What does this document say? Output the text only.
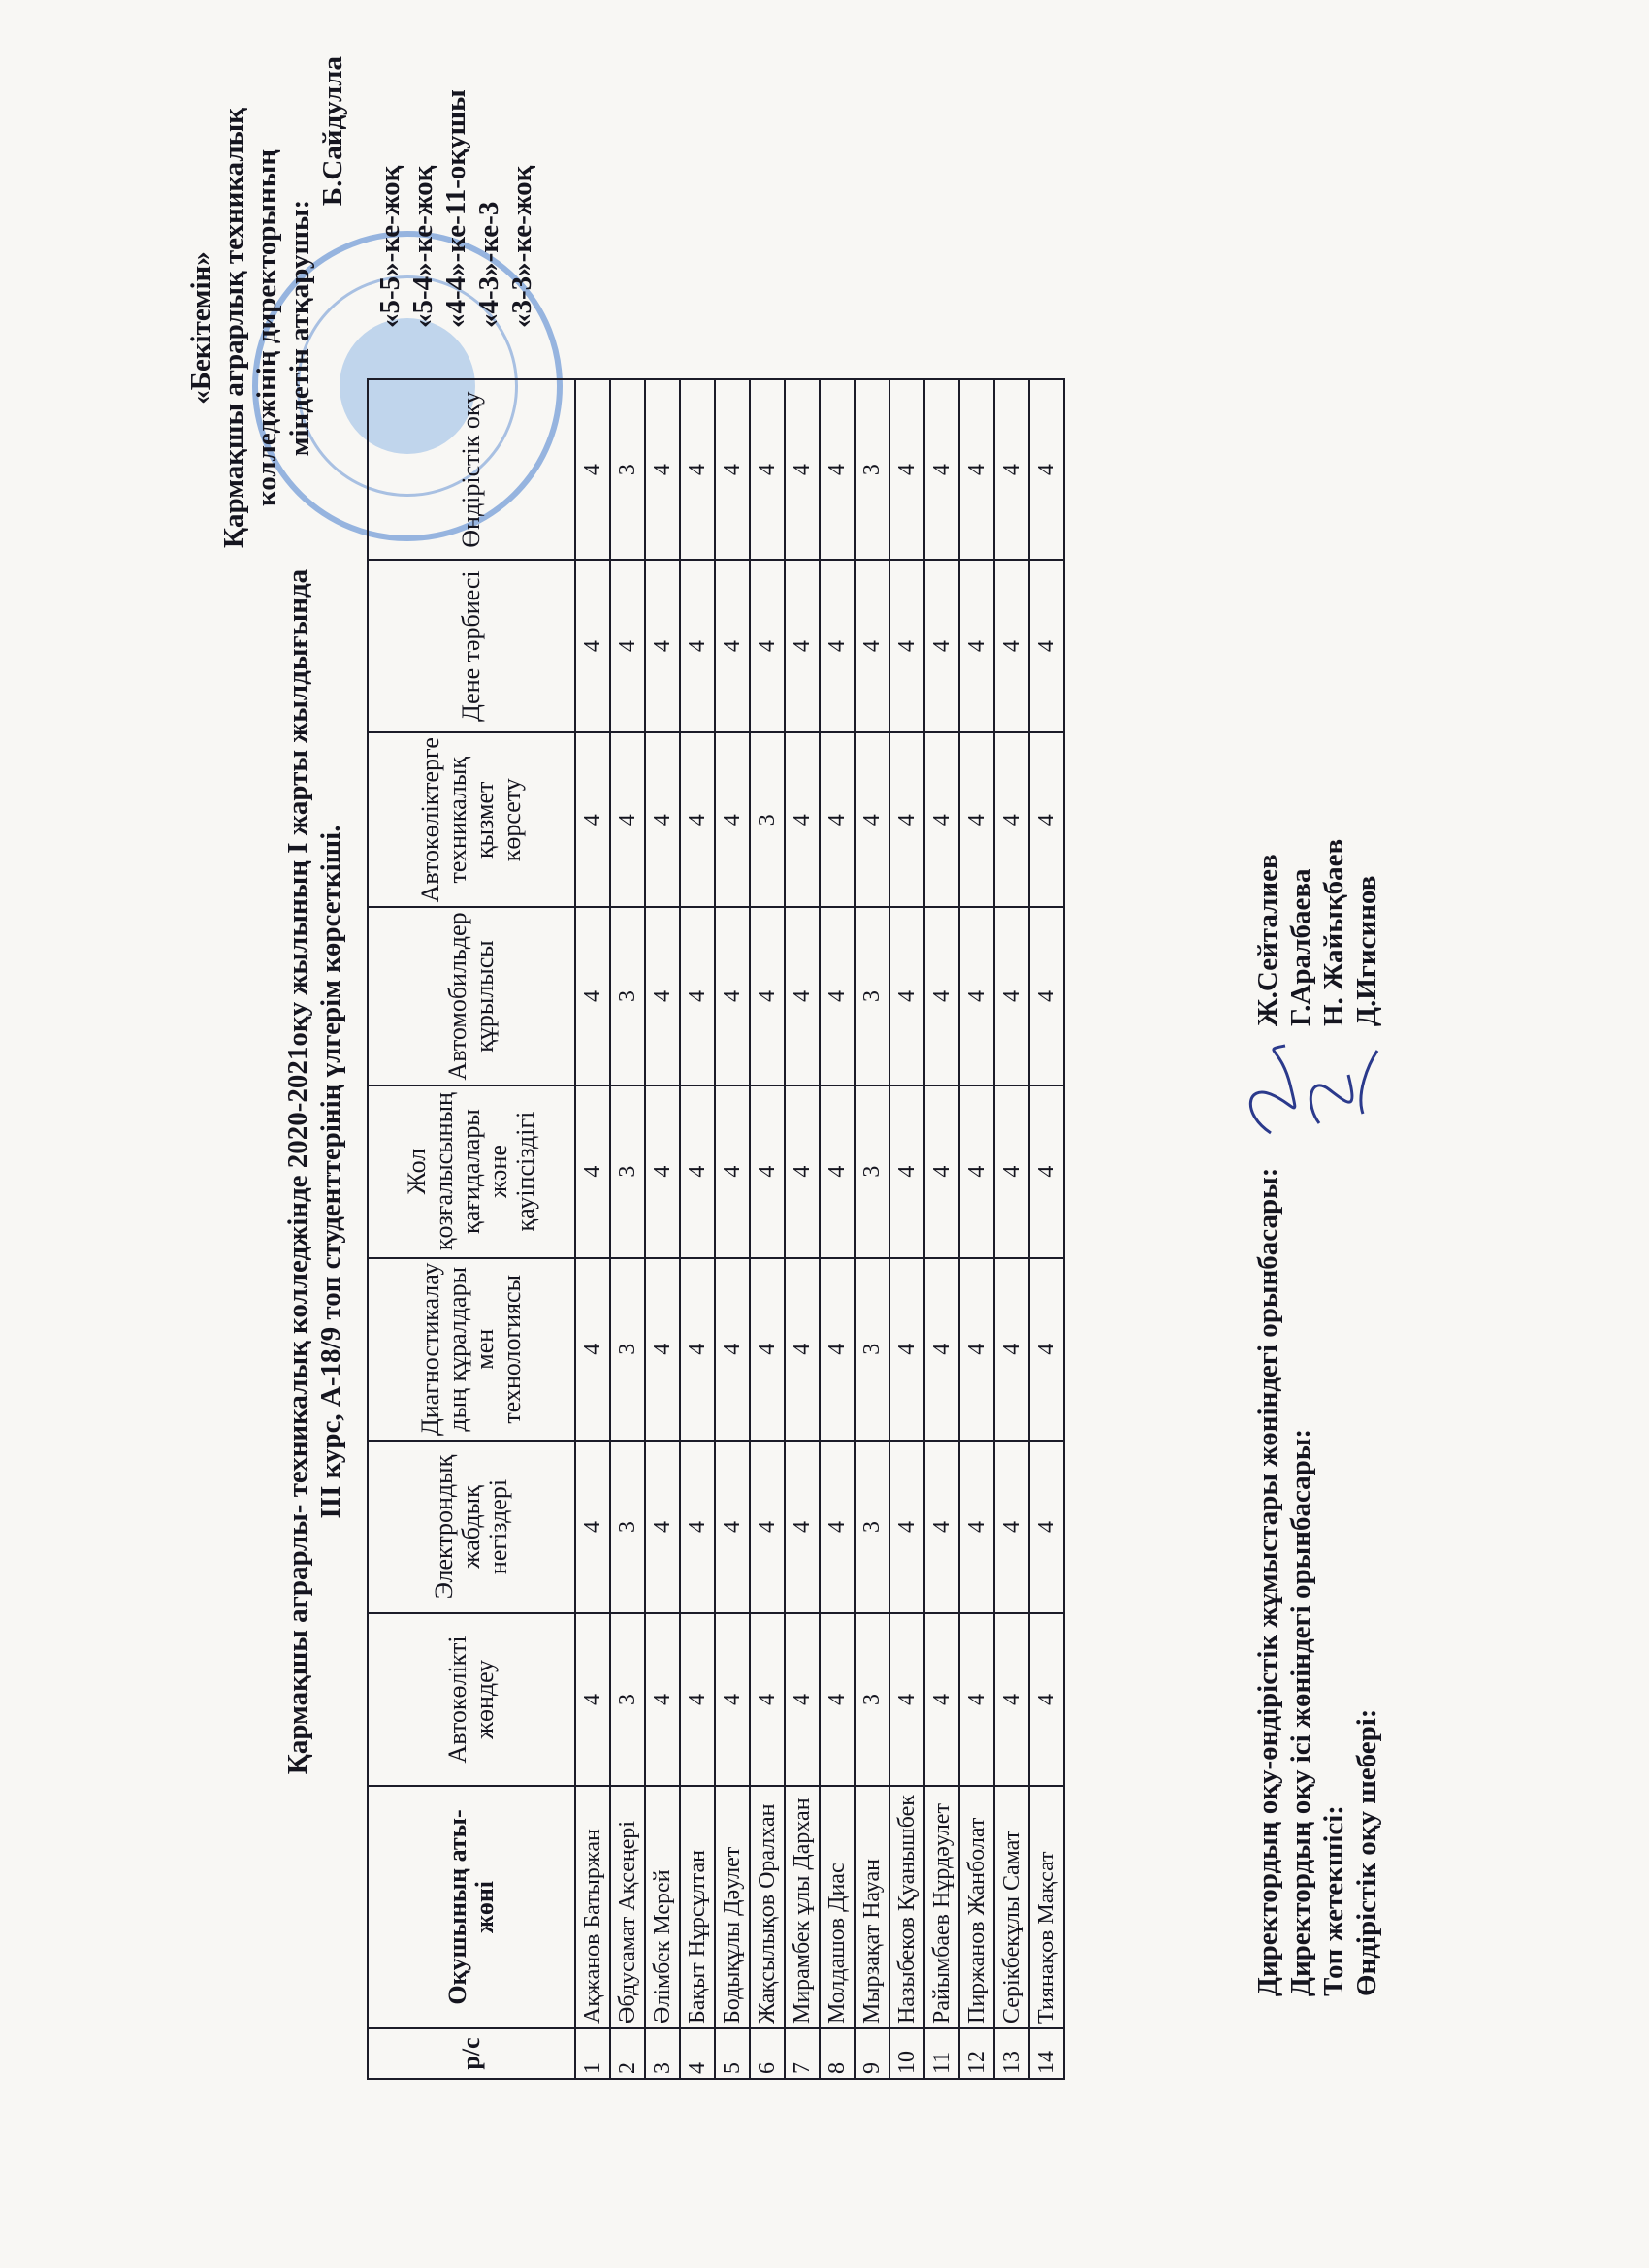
«Бекітемін» Қармақшы аграрлық техникалық колледжінің директорының міндетін атқарушы:
Б.Сайдулла
Қармақшы аграрлы- техникалық колледжінде 2020-2021оқу жылының І жарты жылдығында ІІІ курс, А-18/9 топ студенттерінің үлгерім көрсеткіші.
р/с	Оқушының аты-жөні	Автокөлікті жөндеу	Электрондық жабдық негіздері	Диагностикалау дың құралдары мен технологиясы	Жол қозғалысының қағидалары және қауіпсіздігі	Автомобильдер құрылысы	Автокөліктерге техникалық қызмет көрсету	Дене тәрбиесі	Өндірістік оқу
1	Ақжанов Батыржан	4	4	4	4	4	4	4	4
2	Әбдусамат Ақсеңері	3	3	3	3	3	4	4	3
3	Әлімбек Мерей	4	4	4	4	4	4	4	4
4	Бақыт Нұрсұлтан	4	4	4	4	4	4	4	4
5	Бодықұлы Дәулет	4	4	4	4	4	4	4	4
6	Жақсылықов Оралхан	4	4	4	4	4	3	4	4
7	Мирамбек ұлы Дархан	4	4	4	4	4	4	4	4
8	Молдашов Диас	4	4	4	4	4	4	4	4
9	Мырзақат Науан	3	3	3	3	3	4	4	3
10	Назыбеков Қуанышбек	4	4	4	4	4	4	4	4
11	Райымбаев Нұрдәулет	4	4	4	4	4	4	4	4
12	Пиржанов Жанболат	4	4	4	4	4	4	4	4
13	Серікбекұлы Самат	4	4	4	4	4	4	4	4
14	Тиянақов Мақсат	4	4	4	4	4	4	4	4
«5-5»-ке-жоқ «5-4»-ке-жоқ «4-4»-ке-11-оқушы «4-3»-ке-3 «3-3»-ке-жоқ
Директордың оқу-өндірістік жұмыстары жөніндегі орынбасары:
Ж.Сейталиев
Директордың оқу ісі жөніндегі орынбасары:
Г.Аралбаева
Топ жетекшісі:
Н. Жайықбаев
Өндірістік оқу шебері:
Д.Игисинов
